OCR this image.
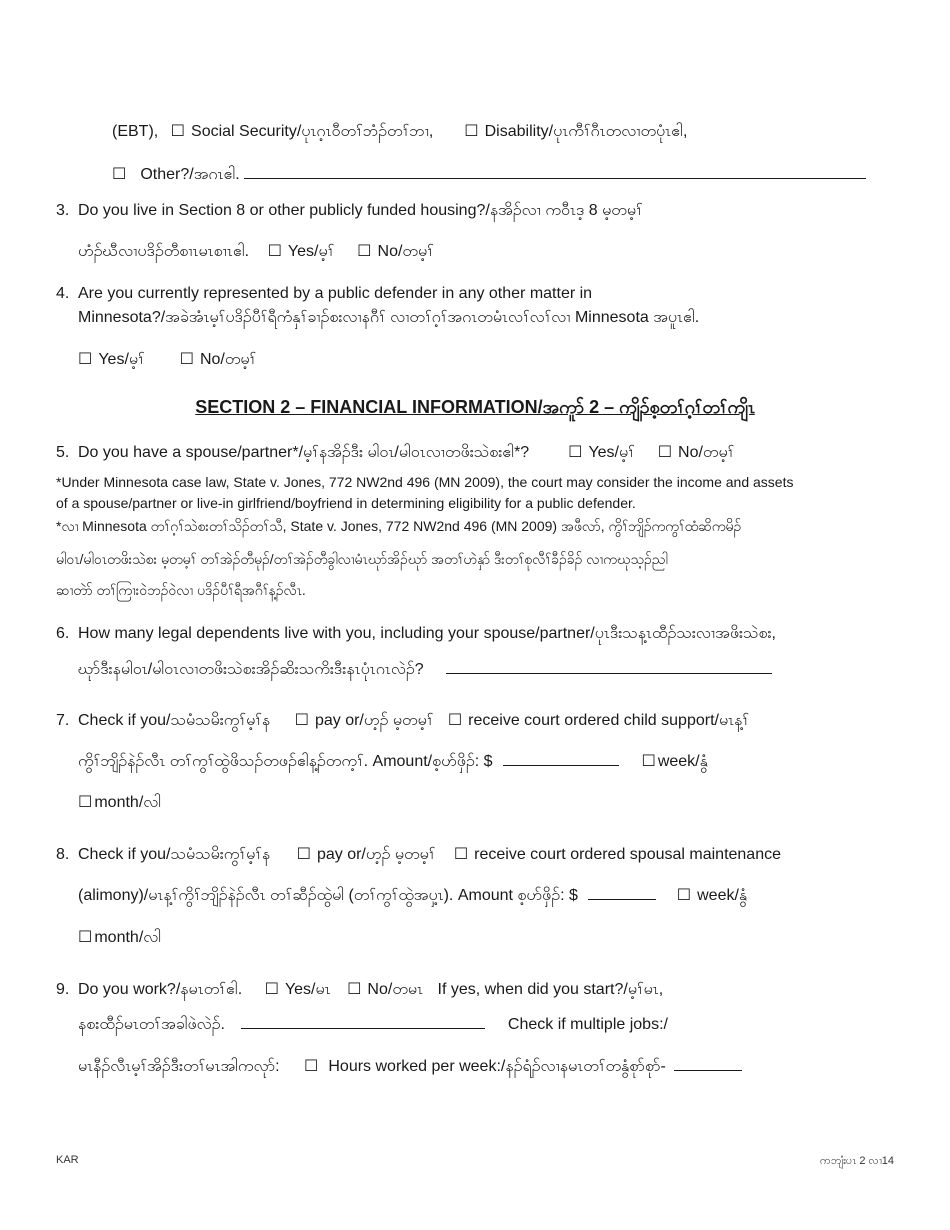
(EBT), ☐ Social Security/ပုၤဂ့ၤဝီတၢ်ဘံၣ်တၢ်ဘၢ, ☐ Disability/ပုၤကီၢ်ဂီၤတလၢတပုံၤဧါ,
☐ Other?/အဂၤဧါ.
3. Do you live in Section 8 or other publicly funded housing?/နအိၣ်လၢ ကဝီၤဒ့ 8 မ့တမ့ၢ်
ဟံၣ်ဃီလၢပဒိၣ်တီစၢၤမၤစၢၤဧါ. ☐ Yes/မ့ၢ် ☐ No/တမ့ၢ်
4. Are you currently represented by a public defender in any other matter in
Minnesota?/အခဲအံၤမ့ၢ်ပဒိၣ်ပီၢ်ရီကံနှၢ်ခၢၣ်စးလၢနဂီၢ် လၢတၢ်ဂ့ၢ်အဂၤတမံၤလၢ်လၢ်လၢ Minnesota အပူၤဧါ.
☐ Yes/မ့ၢ် ☐ No/တမ့ၢ်
SECTION 2 – FINANCIAL INFORMATION/အကူာ် 2 – ကျိၣ်စ့တၢ်ဂ့ၢ်တၢ်ကျိၤ
5. Do you have a spouse/partner*/မ့ၢ်နအိၣ်ဒီး မါဝၤ/မါဝၤလၢတဖိးသဲစးဧါ*? ☐ Yes/မ့ၢ် ☐ No/တမ့ၢ်
*Under Minnesota case law, State v. Jones, 772 NW2nd 496 (MN 2009), the court may consider the income and assets
of a spouse/partner or live-in girlfriend/boyfriend in determining eligibility for a public defender.
*လၢ Minnesota တၢ်ဂ့ၢ်သဲစးတၢ်သိၣ်တၢ်သီ, State v. Jones, 772 NW2nd 496 (MN 2009) အဖီလာ်, ကွိၢ်ဘျိၣ်ကကွၢ်ထံဆိကမိၣ်
မါဝၤ/မါဝၤတဖိးသဲစး မ့တမ့ၢ် တၢ်အဲၣ်တီမုၣ်/တၢ်အဲၣ်တီခွါလၢမံၤဃုာ်အိၣ်ဃုာ် အတၢ်ဟဲနှာ် ဒီးတၢ်စုလီၢ်ခီၣ်ခိၣ် လၢကဃုသ့ၣ်ညါ
ဆၢတဲာ် တၢ်ကြၢးဝဲဘၣ်ဝဲလၢ ပဒိၣ်ပီၢ်ရီအဂီၢ်န့ၣ်လီၤ.
6. How many legal dependents live with you, including your spouse/partner/ပုၤဒီးသန့ၤထီၣ်သးလၢအဖိးသဲစး,
ဃုာ်ဒီးနမါဝၤ/မါဝၤလၢတဖိးသဲစးအိၣ်ဆိးသကိးဒီးနၤပုံၤဂၤလဲၣ်?
7. Check if you/သမံသမိးကွၢ်မ့ၢ်န ☐ pay or/ဟ့ၣ် မ့တမ့ၢ် ☐ receive court ordered child support/မၤန့ၢ်
ကွိၢ်ဘျိၣ်နဲၣ်လီၤ တၢ်ကွၢ်ထွဲဖိသၣ်တဖၣ်ဧါန့ၣ်တက့ၢ်. Amount/စ့ဟ်ဖှိၣ်: $	☐ week/နွံ
☐ month/လါ
8. Check if you/သမံသမိးကွၢ်မ့ၢ်န ☐ pay or/ဟ့ၣ် မ့တမ့ၢ် ☐ receive court ordered spousal maintenance
(alimony)/မၤန့ၢ်ကွိၢ်ဘျိၣ်နဲၣ်လီၤ တၢ်ဆီၣ်ထွဲမါ (တၢ်ကွၢ်ထွဲအပှ့ၤ). Amount စ့ဟ်ဖှိၣ်: $	☐ week/နွံ
☐ month/လါ
9. Do you work?/နမၤတၢ်ဧါ. ☐ Yes/မၤ ☐ No/တမၤ If yes, when did you start?/မ့ၢ်မၤ,
နစးထီၣ်မၤတၢ်အခါဖဲလဲၣ်.	Check if multiple jobs:/
မၤနီၣ်လီၤမ့ၢ်အိၣ်ဒီးတၢ်မၤအါကလုာ်: ☐ Hours worked per week:/နၣ်ရံၣ်လၢနမၤတၢ်တနွံစုာ်စုာ်-
KAR	ကဘျံးပၤ 2 လၢ14
